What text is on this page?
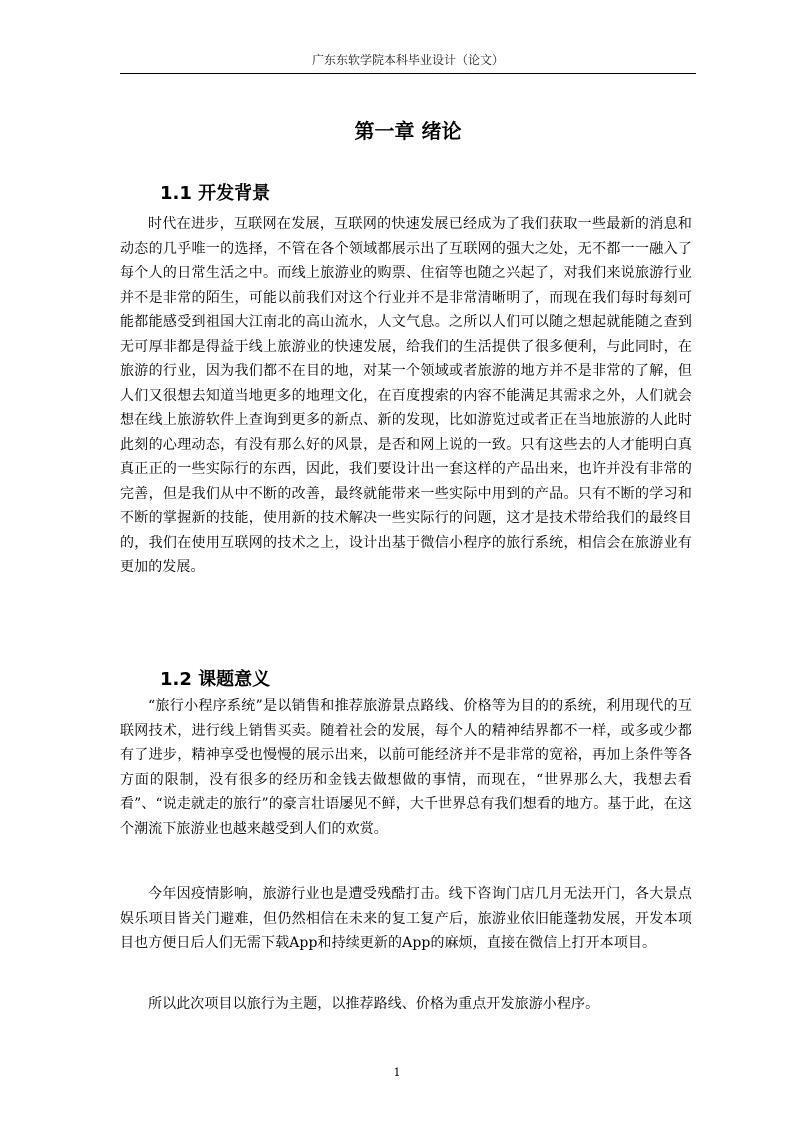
广东东软学院本科毕业设计（论文）
第一章 绪论
1.1 开发背景

时代在进步，互联网在发展，互联网的快速发展已经成为了我们获取一些最新的消息和动态的几乎唯一的选择，不管在各个领域都展示出了互联网的强大之处，无不都一一融入了每个人的日常生活之中。而线上旅游业的购票、住宿等也随之兴起了，对我们来说旅游行业并不是非常的陌生，可能以前我们对这个行业并不是非常清晰明了，而现在我们每时每刻可能都能感受到祖国大江南北的高山流水，人文气息。之所以人们可以随之想起就能随之查到无可厚非都是得益于线上旅游业的快速发展，给我们的生活提供了很多便利，与此同时，在旅游的行业，因为我们都不在目的地，对某一个领域或者旅游的地方并不是非常的了解，但人们又很想去知道当地更多的地理文化，在百度搜索的内容不能满足其需求之外，人们就会想在线上旅游软件上查询到更多的新点、新的发现，比如游览过或者正在当地旅游的人此时此刻的心理动态，有没有那么好的风景，是否和网上说的一致。只有这些去的人才能明白真真正正的一些实际行的东西，因此，我们要设计出一套这样的产品出来，也许并没有非常的完善，但是我们从中不断的改善，最终就能带来一些实际中用到的产品。只有不断的学习和不断的掌握新的技能，使用新的技术解决一些实际行的问题，这才是技术带给我们的最终目的，我们在使用互联网的技术之上，设计出基于微信小程序的旅行系统，相信会在旅游业有更加的发展。

1.2 课题意义

“旅行小程序系统”是以销售和推荐旅游景点路线、价格等为目的的系统，利用现代的互联网技术，进行线上销售买卖。随着社会的发展，每个人的精神结界都不一样，或多或少都有了进步，精神享受也慢慢的展示出来，以前可能经济并不是非常的宽裕，再加上条件等各方面的限制，没有很多的经历和金钱去做想做的事情，而现在，“世界那么大，我想去看看”、“说走就走的旅行”的豪言壮语屡见不鲜，大千世界总有我们想看的地方。基于此，在这个潮流下旅游业也越来越受到人们的欢赏。

今年因疫情影响，旅游行业也是遭受残酷打击。线下咨询门店几月无法开门，各大景点娱乐项目皆关门避难，但仍然相信在未来的复工复产后，旅游业依旧能蓬勃发展，开发本项目也方便日后人们无需下载App和持续更新的App的麻烦，直接在微信上打开本项目。

所以此次项目以旅行为主题，以推荐路线、价格为重点开发旅游小程序。

1
